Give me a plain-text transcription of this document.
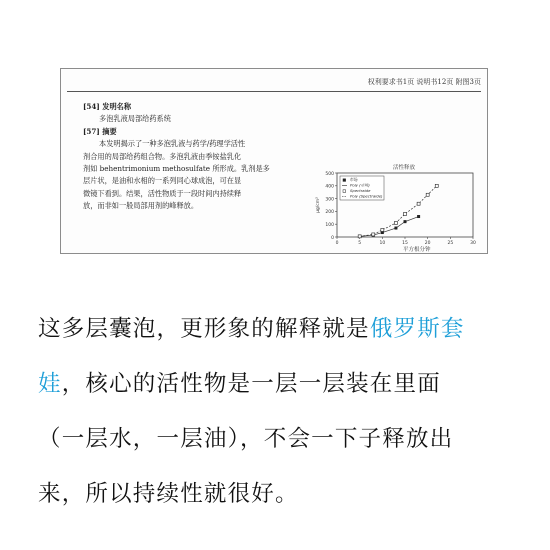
权利要求书1页 说明书12页 附图3页
[54] 发明名称
多泡乳液局部给药系统
[57] 摘要
本发明揭示了一种多泡乳液与药学/药理学活性
剂合用的局部给药组合物。多泡乳液由季铵盐乳化
剂如 behentrimonium methosulfate 所形成。乳剂是多
层片状，是油和水相的一系列同心球成泡，可在显
微镜下看到。结果，活性物质于一段时间内持续释
放，而非如一般局部用剂的峰释放。
活性释放
0
100
200
300
400
500
0	5	10	15	20	25	30
μg/cm²
市场
Poly (市场)
Spectraide
Poly (Spectraide)
平方根分钟
这多层囊泡，更形象的解释就是俄罗斯套
娃，核心的活性物是一层一层装在里面
（一层水，一层油），不会一下子释放出
来，所以持续性就很好。
